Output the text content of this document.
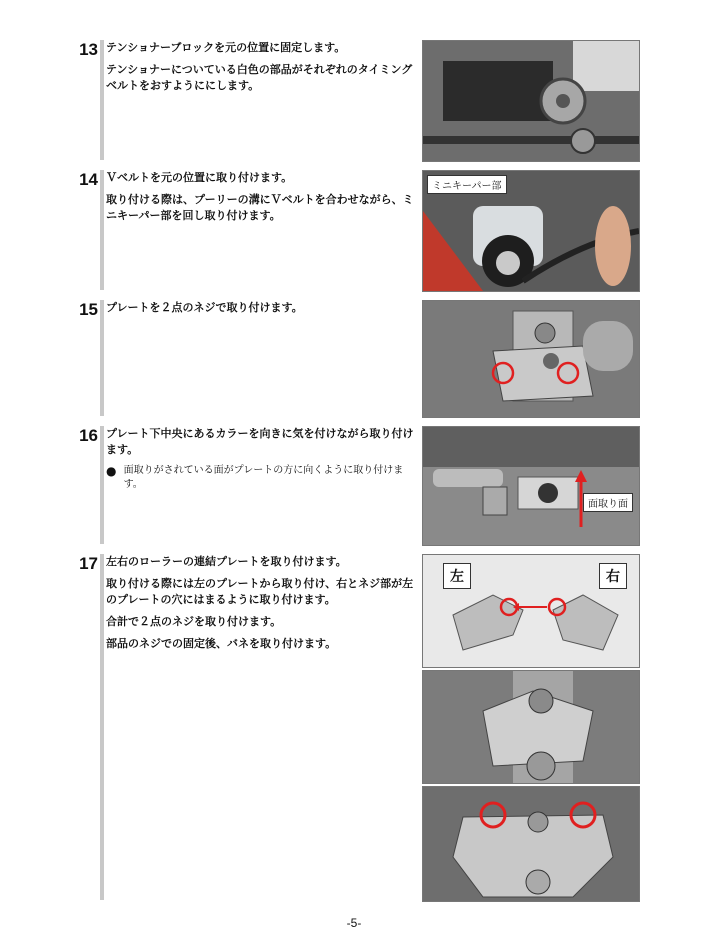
13 テンショナーブロックを元の位置に固定します。

テンショナーについている白色の部品がそれぞれのタイミングベルトをおすようににします。

14 Ｖベルトを元の位置に取り付けます。

取り付ける際は、プーリーの溝にＶベルトを合わせながら、ミニキーパー部を回し取り付けます。

ミニキーパー部
15 プレートを２点のネジで取り付けます。

16 プレート下中央にあるカラーを向きに気を付けながら取り付けます。

● 面取りがされている面がプレートの方に向くように取り付けます。
面取り面
17 左右のローラーの連結プレートを取り付けます。

取り付ける際には左のプレートから取り付け、右とネジ部が左のプレートの穴にはまるように取り付けます。

合計で２点のネジを取り付けます。

部品のネジでの固定後、バネを取り付けます。

左	右
-5-
